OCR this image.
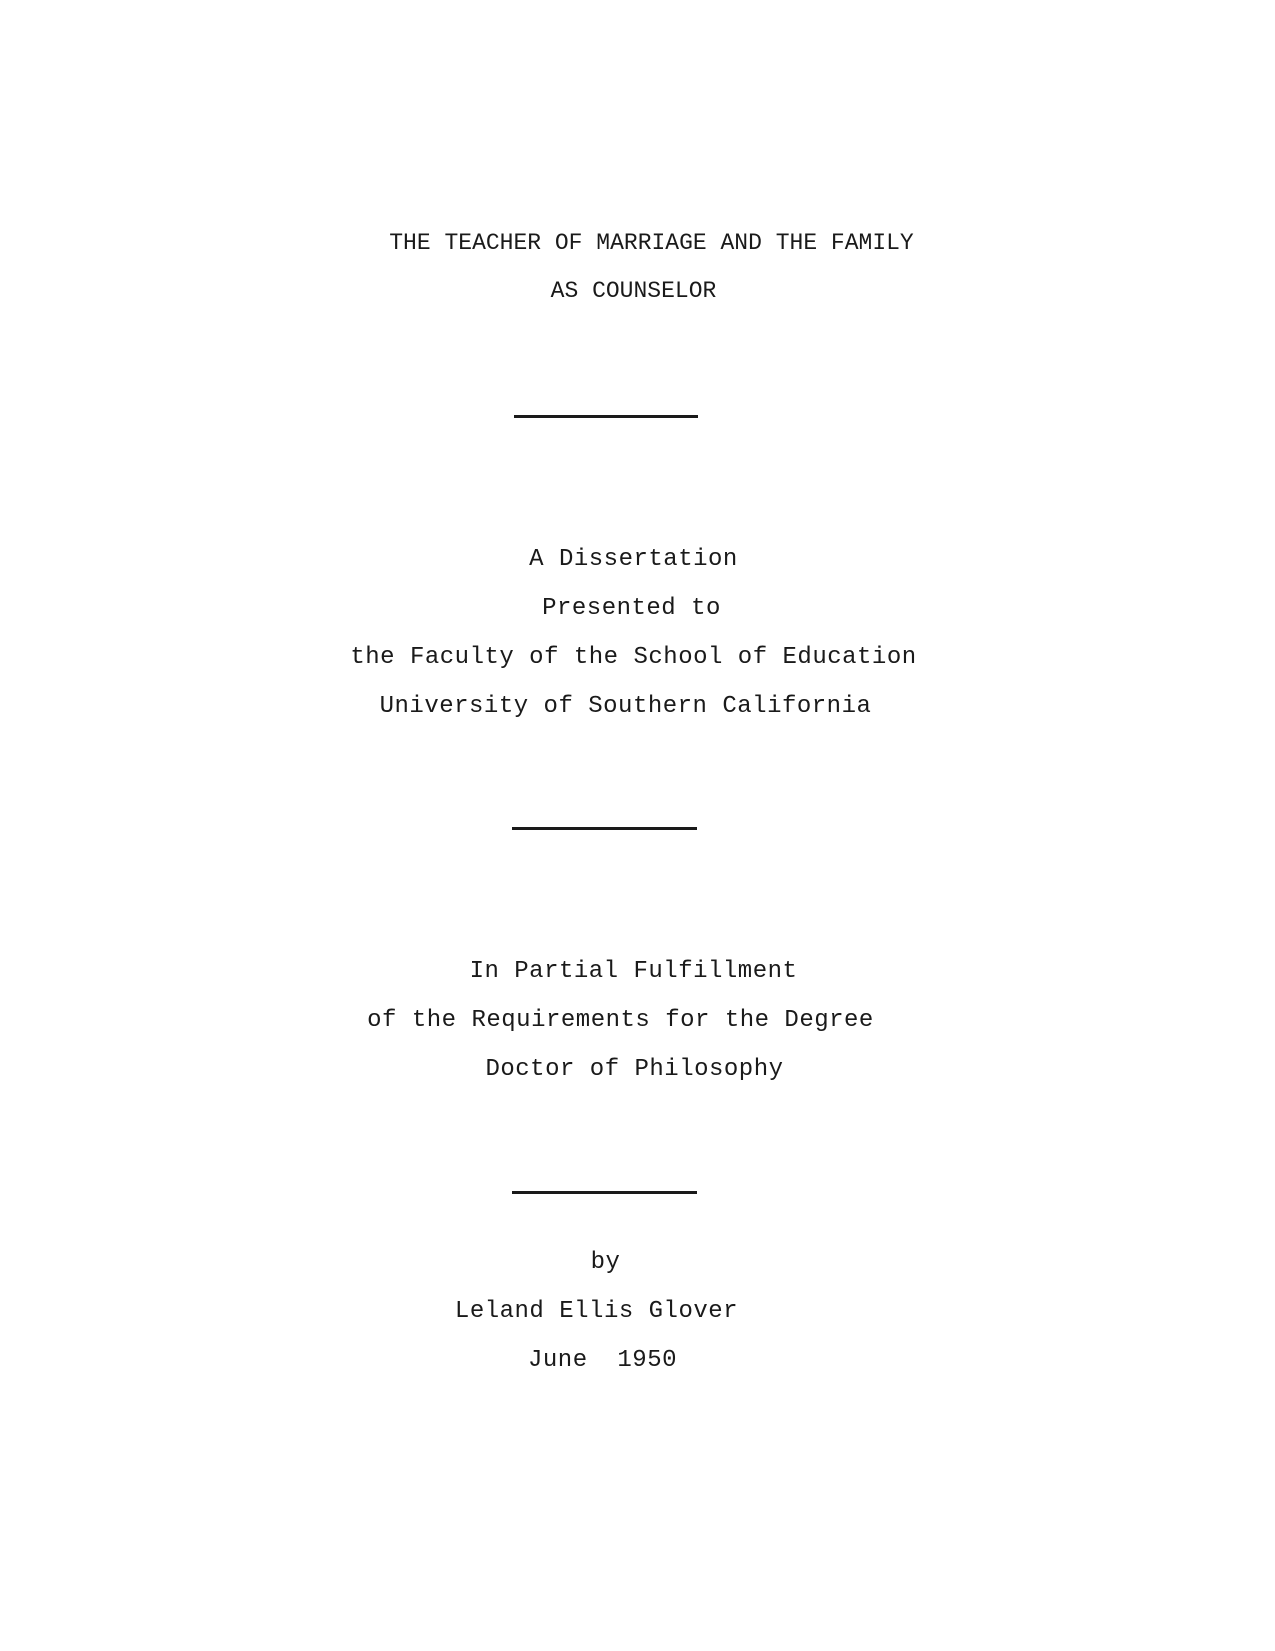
THE TEACHER OF MARRIAGE AND THE FAMILY
AS COUNSELOR
A Dissertation
Presented to
the Faculty of the School of Education
University of Southern California
In Partial Fulfillment
of the Requirements for the Degree
Doctor of Philosophy
by
Leland Ellis Glover
June  1950
